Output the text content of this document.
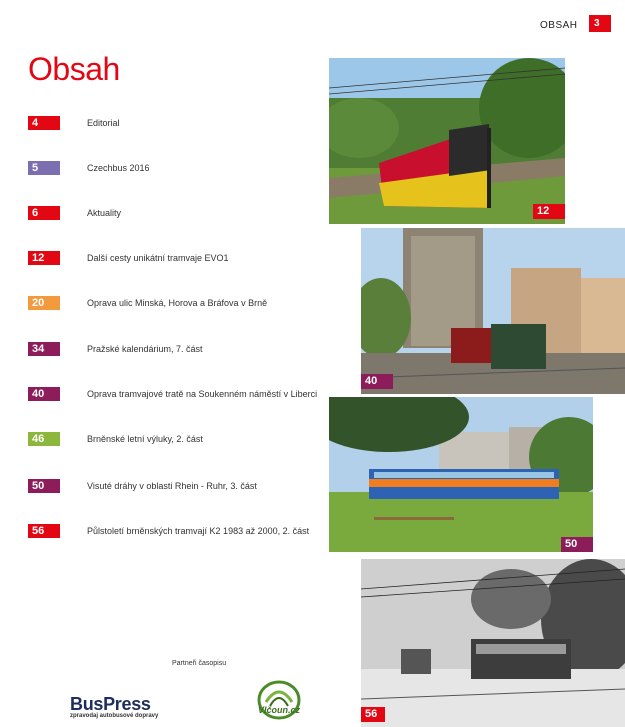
OBSAH	3
Obsah
4	Editorial
5	Czechbus 2016
6	Aktuality
12	Další cesty unikátní tramvaje EVO1
20	Oprava ulic Minská, Horova a Bráfova v Brně
34	Pražské kalendárium, 7. část
40	Oprava tramvajové tratě na Soukenném náměstí v Liberci
46	Brněnské letní výluky, 2. část
50	Visuté dráhy v oblasti Rhein - Ruhr, 3. část
56	Půlstoletí brněnských tramvají K2 1983 až 2000, 2. část
12
40
50
56
Partneři časopisu
BusPress
zpravodaj autobusové dopravy
Vlčoun.cz
